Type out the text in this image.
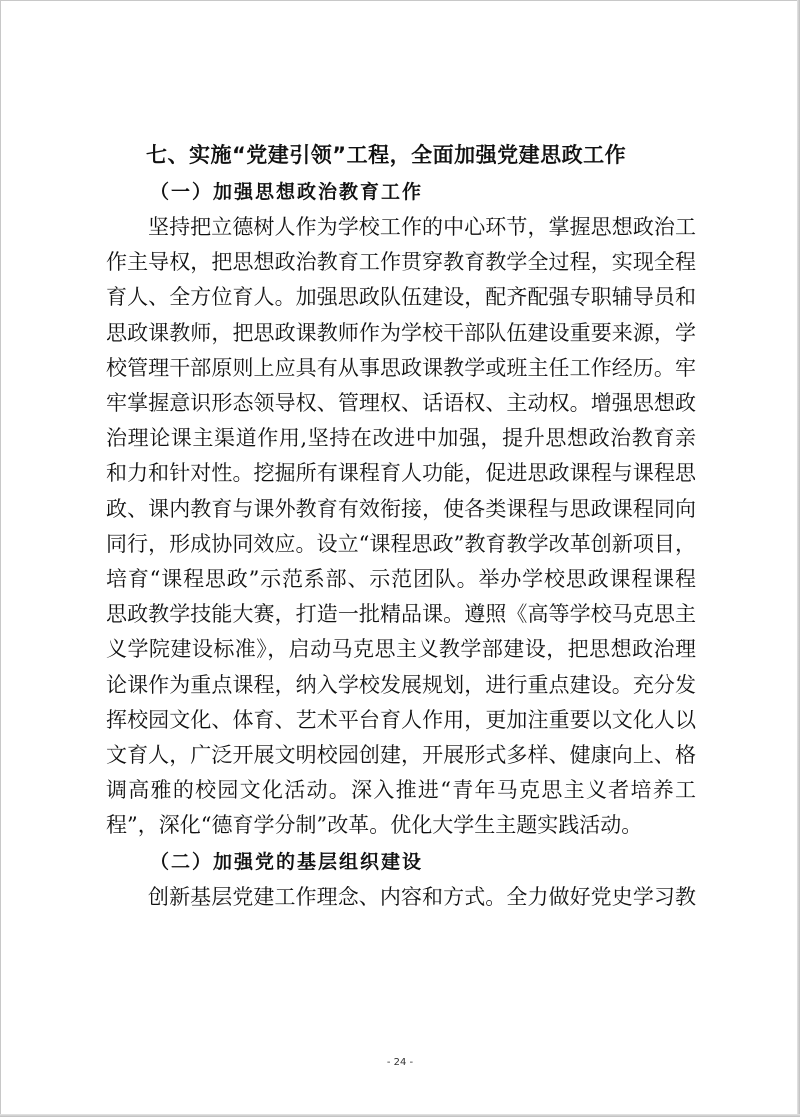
七、实施“党建引领”工程，全面加强党建思政工作
（一）加强思想政治教育工作

坚持把立德树人作为学校工作的中心环节，掌握思想政治工
作主导权，把思想政治教育工作贯穿教育教学全过程，实现全程
育人、全方位育人。加强思政队伍建设，配齐配强专职辅导员和
思政课教师，把思政课教师作为学校干部队伍建设重要来源，学
校管理干部原则上应具有从事思政课教学或班主任工作经历。牢
牢掌握意识形态领导权、管理权、话语权、主动权。增强思想政
治理论课主渠道作用,坚持在改进中加强，提升思想政治教育亲
和力和针对性。挖掘所有课程育人功能，促进思政课程与课程思
政、课内教育与课外教育有效衔接，使各类课程与思政课程同向
同行，形成协同效应。设立“课程思政”教育教学改革创新项目，
培育“课程思政”示范系部、示范团队。举办学校思政课程课程
思政教学技能大赛，打造一批精品课。遵照《高等学校马克思主
义学院建设标准》，启动马克思主义教学部建设，把思想政治理
论课作为重点课程，纳入学校发展规划，进行重点建设。充分发
挥校园文化、体育、艺术平台育人作用，更加注重要以文化人以
文育人，广泛开展文明校园创建，开展形式多样、健康向上、格
调高雅的校园文化活动。深入推进“青年马克思主义者培养工
程”，深化“德育学分制”改革。优化大学生主题实践活动。

（二）加强党的基层组织建设

创新基层党建工作理念、内容和方式。全力做好党史学习教

- 24 -
